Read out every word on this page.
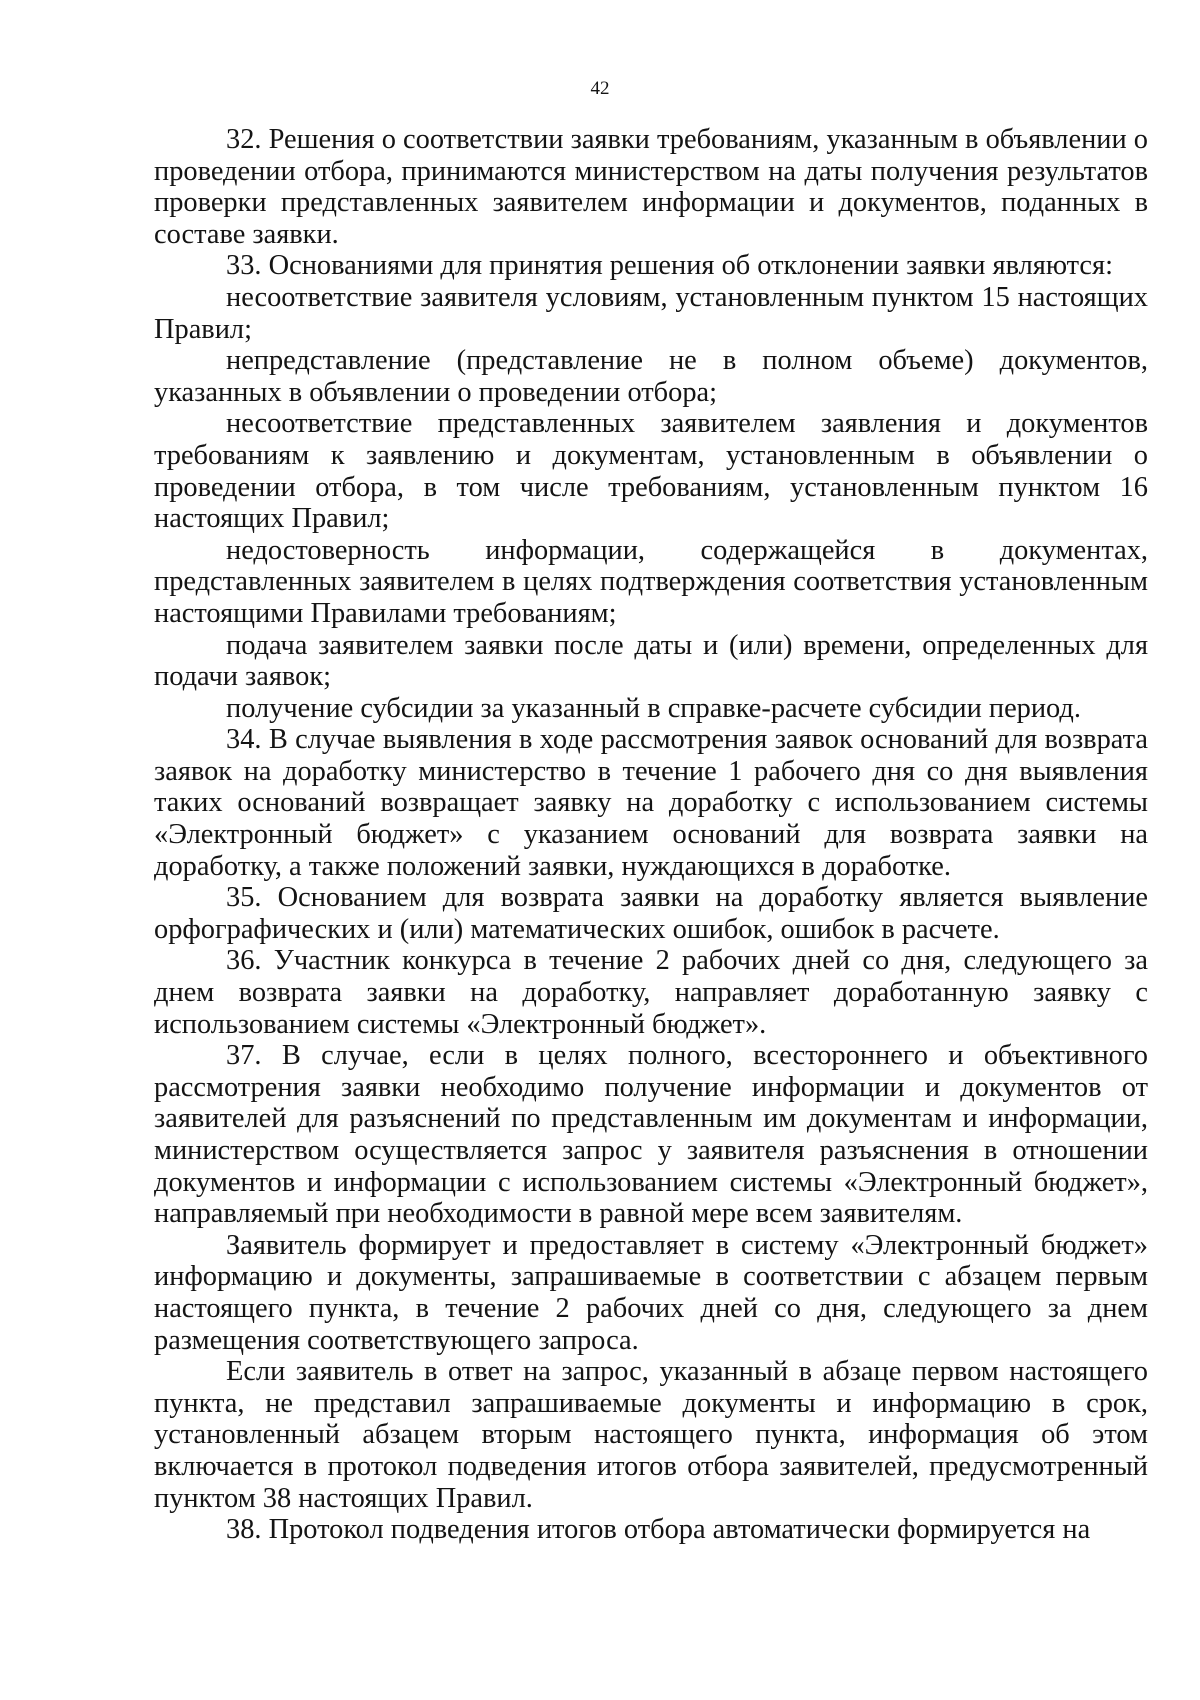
42

32. Решения о соответствии заявки требованиям, указанным в объявлении о проведении отбора, принимаются министерством на даты получения результатов проверки представленных заявителем информации и документов, поданных в составе заявки.

33. Основаниями для принятия решения об отклонении заявки являются:

несоответствие заявителя условиям, установленным пунктом 15 настоящих Правил;

непредставление (представление не в полном объеме) документов, указанных в объявлении о проведении отбора;

несоответствие представленных заявителем заявления и документов требованиям к заявлению и документам, установленным в объявлении о проведении отбора, в том числе требованиям, установленным пунктом 16 настоящих Правил;

недостоверность информации, содержащейся в документах, представленных заявителем в целях подтверждения соответствия установленным настоящими Правилами требованиям;

подача заявителем заявки после даты и (или) времени, определенных для подачи заявок;

получение субсидии за указанный в справке-расчете субсидии период.

34. В случае выявления в ходе рассмотрения заявок оснований для возврата заявок на доработку министерство в течение 1 рабочего дня со дня выявления таких оснований возвращает заявку на доработку с использованием системы «Электронный бюджет» с указанием оснований для возврата заявки на доработку, а также положений заявки, нуждающихся в доработке.

35. Основанием для возврата заявки на доработку является выявление орфографических и (или) математических ошибок, ошибок в расчете.

36. Участник конкурса в течение 2 рабочих дней со дня, следующего за днем возврата заявки на доработку, направляет доработанную заявку с использованием системы «Электронный бюджет».

37. В случае, если в целях полного, всестороннего и объективного рассмотрения заявки необходимо получение информации и документов от заявителей для разъяснений по представленным им документам и информации, министерством осуществляется запрос у заявителя разъяснения в отношении документов и информации с использованием системы «Электронный бюджет», направляемый при необходимости в равной мере всем заявителям.

Заявитель формирует и предоставляет в систему «Электронный бюджет» информацию и документы, запрашиваемые в соответствии с абзацем первым настоящего пункта, в течение 2 рабочих дней со дня, следующего за днем размещения соответствующего запроса.

Если заявитель в ответ на запрос, указанный в абзаце первом настоящего пункта, не представил запрашиваемые документы и информацию в срок, установленный абзацем вторым настоящего пункта, информация об этом включается в протокол подведения итогов отбора заявителей, предусмотренный пунктом 38 настоящих Правил.

38. Протокол подведения итогов отбора автоматически формируется на
